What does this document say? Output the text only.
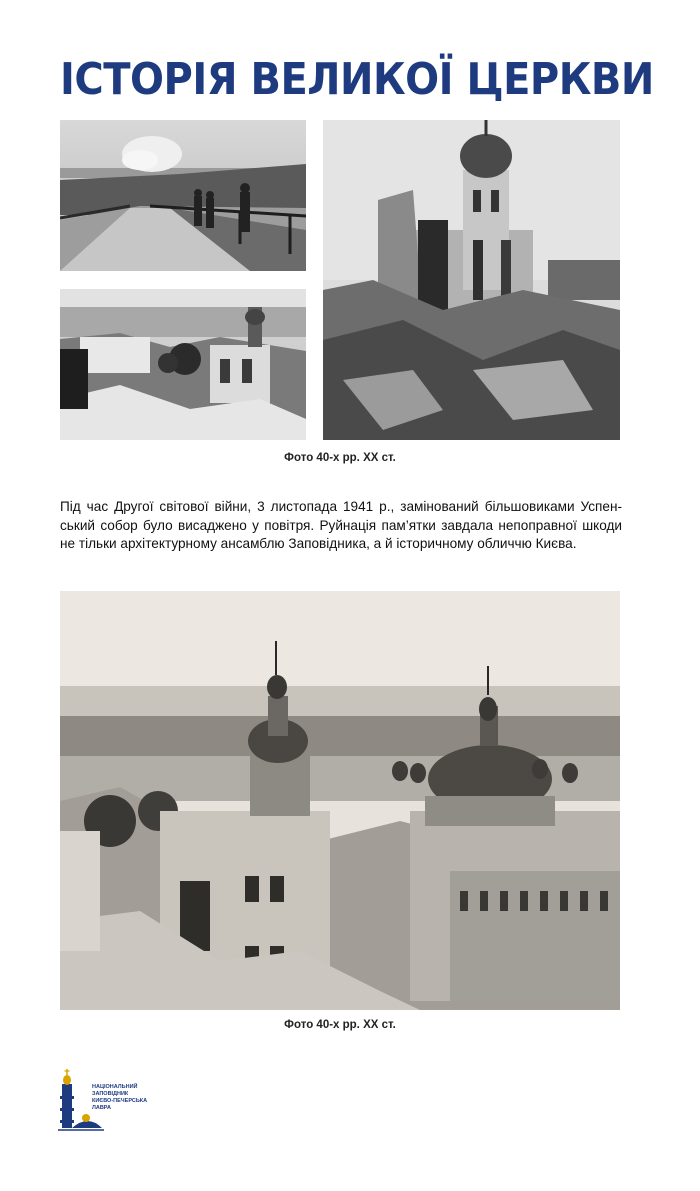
ІСТОРІЯ ВЕЛИКОЇ ЦЕРКВИ
Фото 40-х рр. ХХ ст.
Під час Другої світової війни, 3 листопада 1941 р., замінований більшовиками Успен-ський собор було висаджено у повітря. Руйнація пам’ятки завдала непоправної шкоди не тільки архітектурному ансамблю Заповідника, а й історичному обличчю Києва.
Фото 40-х рр. ХХ ст.
НАЦІОНАЛЬНИЙ
ЗАПОВІДНИК
КИЄВО-ПЕЧЕРСЬКА
ЛАВРА
